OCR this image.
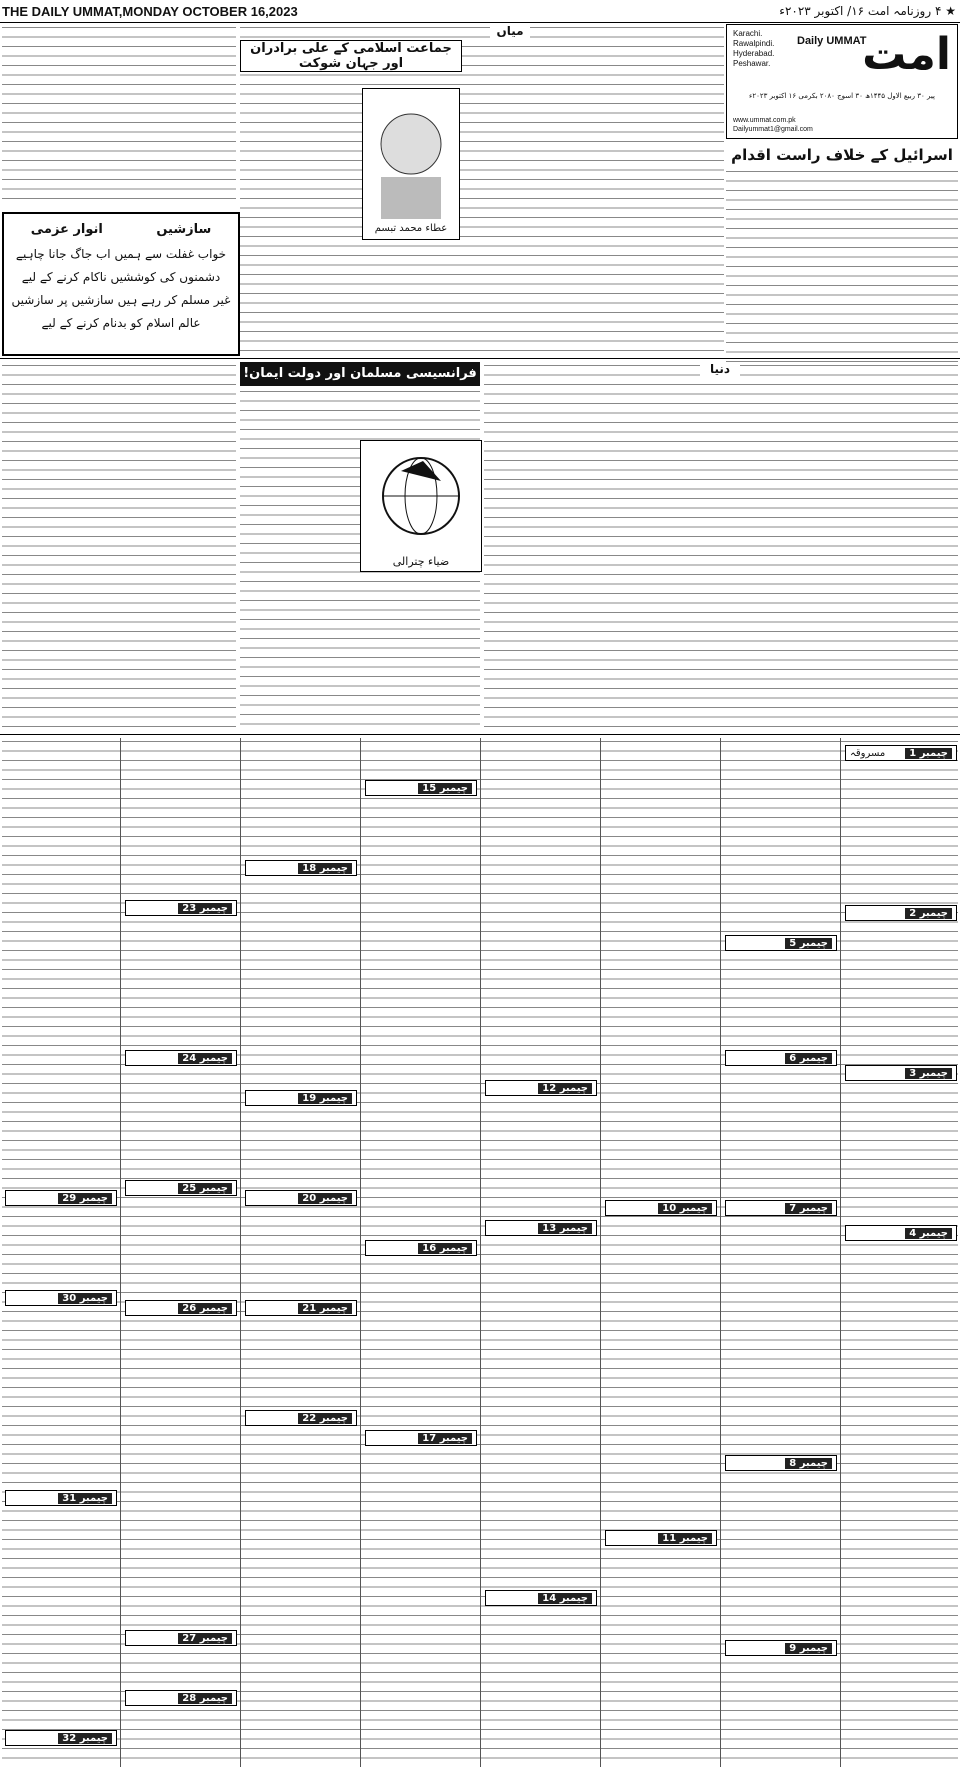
THE DAILY UMMAT,MONDAY OCTOBER 16,2023	★ ۴ روزنامہ امت ۱۶/ اکتوبر ۲۰۲۳ء
امت
Daily UMMAT
Karachi.
Rawalpindi.
Hyderabad.
Peshawar.
پیر ۳۰ ربیع الاول ۱۴۴۵ھ ۳۰ اسوج ۲۰۸۰ بکرمی ۱۶ اکتوبر ۲۰۲۳ء
www.ummat.com.pk
Dailyummat1@gmail.com
اسرائیل کے خلاف راست اقدام
میاں
جماعت اسلامی کے علی برادران اور جہان شوکت
عطاء محمد تبسم
سازشیں
انوار عزمی
خواب غفلت سے ہمیں اب جاگ جانا چاہیے
دشمنوں کی کوششیں ناکام کرنے کے لیے
غیر مسلم کر رہے ہیں سازشیں پر سازشیں
عالم اسلام کو بدنام کرنے کے لیے
فرانسیسی مسلمان اور دولت ایمان!
ضیاء چترالی
دنیا
چیمبر 1
مسروقہ
چیمبر 2
چیمبر 3
چیمبر 4
چیمبر 5
چیمبر 6
چیمبر 7
چیمبر 8
چیمبر 9
چیمبر 10
چیمبر 11
چیمبر 12
چیمبر 13
چیمبر 14
چیمبر 15
چیمبر 16
چیمبر 17
چیمبر 18
چیمبر 19
چیمبر 20
چیمبر 21
چیمبر 22
چیمبر 23
چیمبر 24
چیمبر 25
چیمبر 26
چیمبر 27
چیمبر 28
چیمبر 29
چیمبر 30
چیمبر 31
چیمبر 32
